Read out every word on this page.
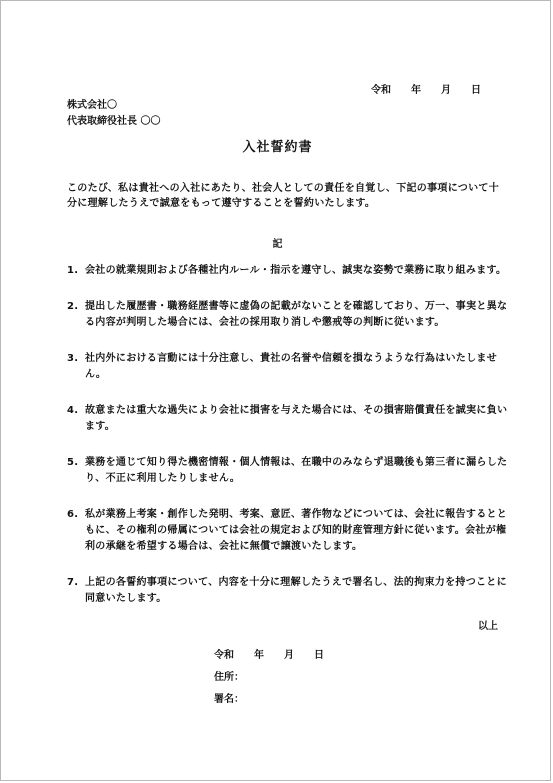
令和　　年　　月　　日
株式会社〇
代表取締役社長 〇〇
入社誓約書
このたび、私は貴社への入社にあたり、社会人としての責任を自覚し、下記の事項について十分に理解したうえで誠意をもって遵守することを誓約いたします。
記
1. 会社の就業規則および各種社内ルール・指示を遵守し、誠実な姿勢で業務に取り組みます。
2. 提出した履歴書・職務経歴書等に虚偽の記載がないことを確認しており、万一、事実と異なる内容が判明した場合には、会社の採用取り消しや懲戒等の判断に従います。
3. 社内外における言動には十分注意し、貴社の名誉や信頼を損なうような行為はいたしません。
4. 故意または重大な過失により会社に損害を与えた場合には、その損害賠償責任を誠実に負います。
5. 業務を通じて知り得た機密情報・個人情報は、在職中のみならず退職後も第三者に漏らしたり、不正に利用したりしません。
6. 私が業務上考案・創作した発明、考案、意匠、著作物などについては、会社に報告するとともに、その権利の帰属については会社の規定および知的財産管理方針に従います。会社が権利の承継を希望する場合は、会社に無償で譲渡いたします。
7. 上記の各誓約事項について、内容を十分に理解したうえで署名し、法的拘束力を持つことに同意いたします。
以上
令和　　年　　月　　日
住所：
署名：
